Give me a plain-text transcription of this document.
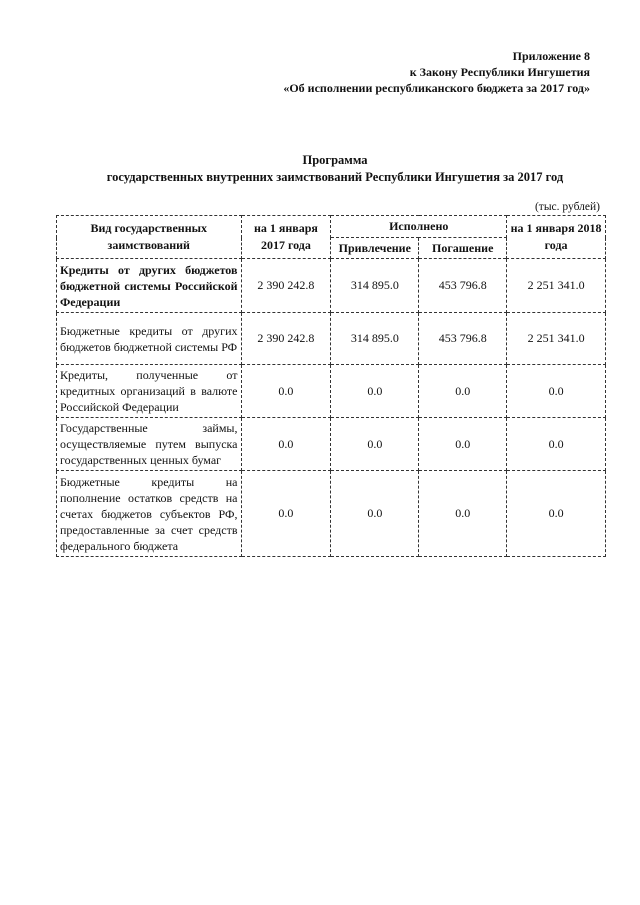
Приложение 8
к Закону Республики Ингушетия
«Об исполнении республиканского бюджета за 2017 год»
Программа
государственных внутренних заимствований Республики Ингушетия за 2017 год
(тыс. рублей)
Вид государственных заимствований	на 1 января 2017 года	Исполнено		на 1 января 2018 года
		Привлечение	Погашение	
Кредиты от других бюджетов бюджетной системы Российской Федерации	2 390 242.8	314 895.0	453 796.8	2 251 341.0
Бюджетные кредиты от других бюджетов бюджетной системы РФ	2 390 242.8	314 895.0	453 796.8	2 251 341.0
Кредиты, полученные от кредитных организаций в валюте Российской Федерации	0.0	0.0	0.0	0.0
Государственные займы, осуществляемые путем выпуска государственных ценных бумаг	0.0	0.0	0.0	0.0
Бюджетные кредиты на пополнение остатков средств на счетах бюджетов субъектов РФ, предоставленные за счет средств федерального бюджета	0.0	0.0	0.0	0.0
